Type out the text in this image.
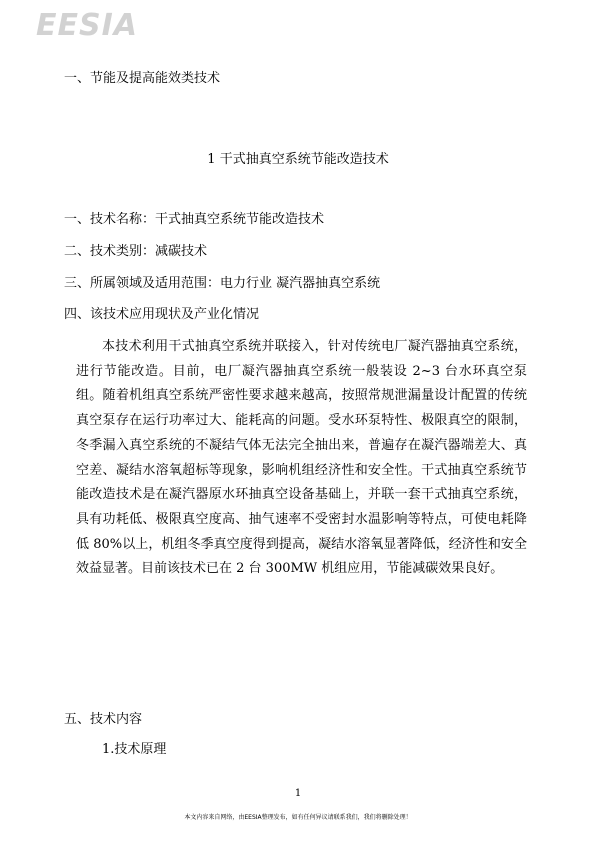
EESIA
一、节能及提高能效类技术
1 干式抽真空系统节能改造技术
一、技术名称：干式抽真空系统节能改造技术
二、技术类别：减碳技术
三、所属领域及适用范围：电力行业 凝汽器抽真空系统
四、该技术应用现状及产业化情况

本技术利用干式抽真空系统并联接入，针对传统电厂凝汽器抽真空系统，进行节能改造。目前，电厂凝汽器抽真空系统一般装设 2~3 台水环真空泵组。随着机组真空系统严密性要求越来越高，按照常规泄漏量设计配置的传统真空泵存在运行功率过大、能耗高的问题。受水环泵特性、极限真空的限制，冬季漏入真空系统的不凝结气体无法完全抽出来，普遍存在凝汽器端差大、真空差、凝结水溶氧超标等现象，影响机组经济性和安全性。干式抽真空系统节能改造技术是在凝汽器原水环抽真空设备基础上，并联一套干式抽真空系统，具有功耗低、极限真空度高、抽气速率不受密封水温影响等特点，可使电耗降低 80%以上，机组冬季真空度得到提高，凝结水溶氧显著降低，经济性和安全效益显著。目前该技术已在 2 台 300MW 机组应用，节能减碳效果良好。

五、技术内容
1.技术原理
1
本文内容来自网络，由EESIA整理发布，如有任何异议请联系我们，我们将删除处理！
